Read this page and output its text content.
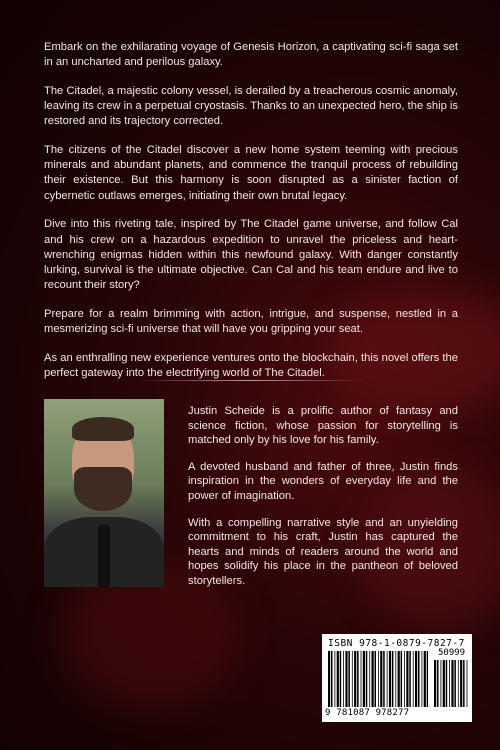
Embark on the exhilarating voyage of Genesis Horizon, a captivating sci-fi saga set in an uncharted and perilous galaxy.

The Citadel, a majestic colony vessel, is derailed by a treacherous cosmic anomaly, leaving its crew in a perpetual cryostasis. Thanks to an unexpected hero, the ship is restored and its trajectory corrected.

The citizens of the Citadel discover a new home system teeming with precious minerals and abundant planets, and commence the tranquil process of rebuilding their existence. But this harmony is soon disrupted as a sinister faction of cybernetic outlaws emerges, initiating their own brutal legacy.

Dive into this riveting tale, inspired by The Citadel game universe, and follow Cal and his crew on a hazardous expedition to unravel the priceless and heart-wrenching enigmas hidden within this newfound galaxy. With danger constantly lurking, survival is the ultimate objective. Can Cal and his team endure and live to recount their story?

Prepare for a realm brimming with action, intrigue, and suspense, nestled in a mesmerizing sci-fi universe that will have you gripping your seat.

As an enthralling new experience ventures onto the blockchain, this novel offers the perfect gateway into the electrifying world of The Citadel.

Justin Scheide is a prolific author of fantasy and science fiction, whose passion for storytelling is matched only by his love for his family.

A devoted husband and father of three, Justin finds inspiration in the wonders of everyday life and the power of imagination.

With a compelling narrative style and an unyielding commitment to his craft, Justin has captured the hearts and minds of readers around the world and hopes solidify his place in the pantheon of beloved storytellers.

ISBN 978-1-0879-7827-7
50999
9 781087 978277
